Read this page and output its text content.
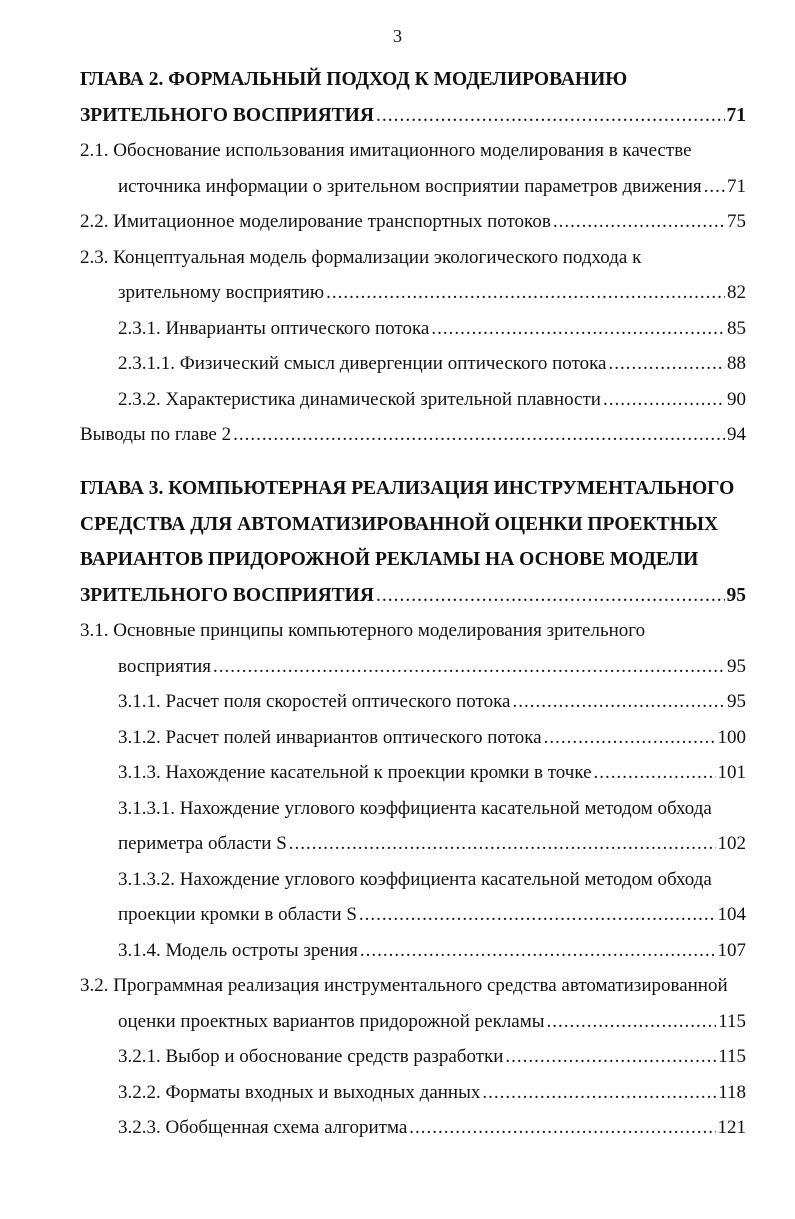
3
ГЛАВА 2. ФОРМАЛЬНЫЙ ПОДХОД К МОДЕЛИРОВАНИЮ
ЗРИТЕЛЬНОГО ВОСПРИЯТИЯ .....	71
2.1. Обоснование использования имитационного моделирования в качестве
источника информации о зрительном восприятии параметров движения ..... 71
2.2. Имитационное моделирование транспортных потоков .....	75
2.3. Концептуальная модель формализации экологического подхода к
зрительному восприятию .....	82
2.3.1. Инварианты оптического потока .....	85
2.3.1.1. Физический смысл дивергенции оптического потока .....	88
2.3.2. Характеристика динамической зрительной плавности .....	90
Выводы по главе 2 .....	94
ГЛАВА 3. КОМПЬЮТЕРНАЯ РЕАЛИЗАЦИЯ ИНСТРУМЕНТАЛЬНОГО
СРЕДСТВА ДЛЯ АВТОМАТИЗИРОВАННОЙ ОЦЕНКИ ПРОЕКТНЫХ
ВАРИАНТОВ ПРИДОРОЖНОЙ РЕКЛАМЫ НА ОСНОВЕ МОДЕЛИ
ЗРИТЕЛЬНОГО ВОСПРИЯТИЯ .....	95
3.1. Основные принципы компьютерного моделирования зрительного
восприятия .....	95
3.1.1. Расчет поля скоростей оптического потока .....	95
3.1.2. Расчет полей инвариантов оптического потока .....	100
3.1.3. Нахождение касательной к проекции кромки в точке .....	101
3.1.3.1. Нахождение углового коэффициента касательной методом обхода
периметра области S .....	102
3.1.3.2. Нахождение углового коэффициента касательной методом обхода
проекции кромки в области S .....	104
3.1.4. Модель остроты зрения .....	107
3.2. Программная реализация инструментального средства автоматизированной
оценки проектных вариантов придорожной рекламы .....	115
3.2.1. Выбор и обоснование средств разработки .....	115
3.2.2. Форматы входных и выходных данных .....	118
3.2.3. Обобщенная схема алгоритма .....	121
